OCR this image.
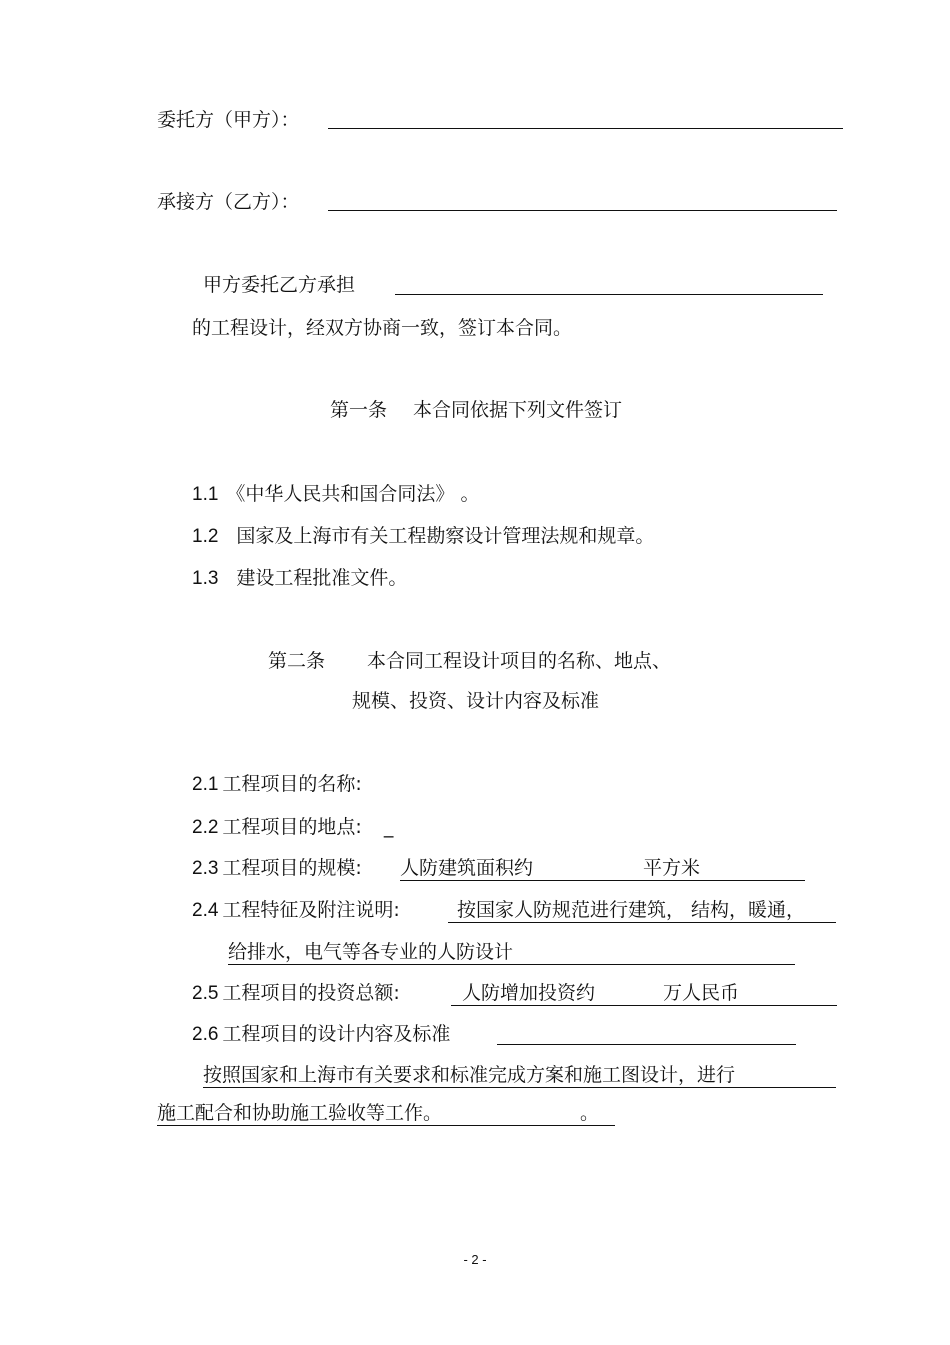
委托方（甲方）：
承接方（乙方）：
甲方委托乙方承担
的工程设计，经双方协商一致，签订本合同。
第一条 本合同依据下列文件签订
1.1 《中华人民共和国合同法》 。
1.2 国家及上海市有关工程勘察设计管理法规和规章。
1.3 建设工程批准文件。
第二条 本合同工程设计项目的名称、地点、
规模、投资、设计内容及标准
2.1 工程项目的名称:
2.2 工程项目的地点: _
2.3 工程项目的规模: 人防建筑面积约	平方米
2.4 工程特征及附注说明:	按国家人防规范进行建筑， 结构，暖通，
给排水，电气等各专业的人防设计
2.5 工程项目的投资总额:	人防增加投资约	万人民币
2.6 工程项目的设计内容及标准
按照国家和上海市有关要求和标准完成方案和施工图设计，进行
施工配合和协助施工验收等工作。	。
- 2 -
